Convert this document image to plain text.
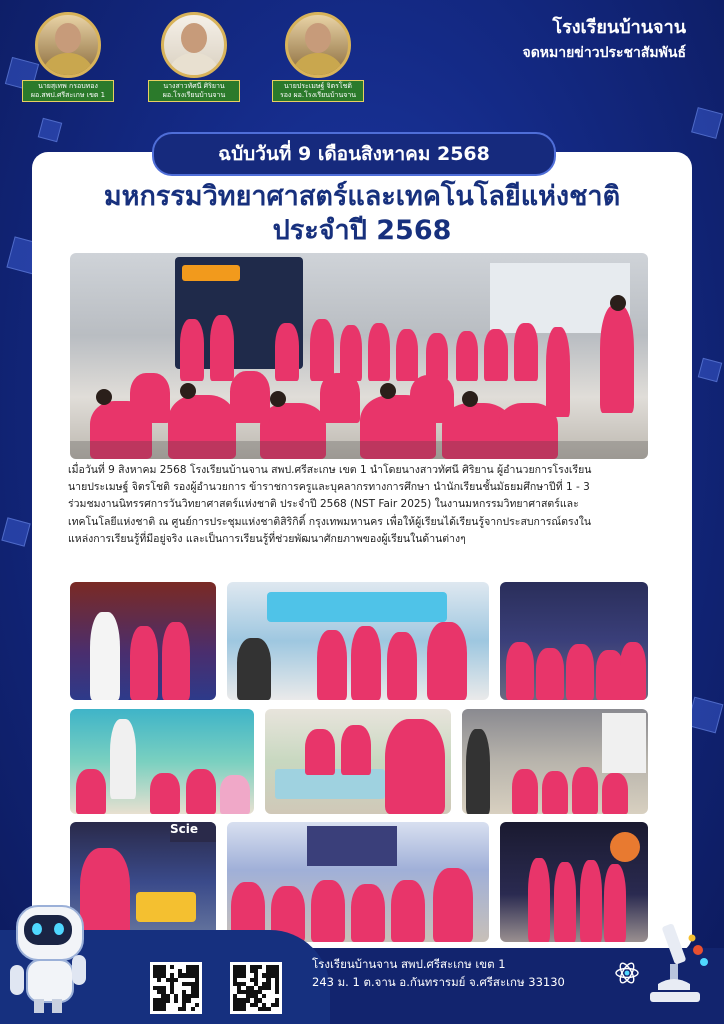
โรงเรียนบ้านจาน
จดหมายข่าวประชาสัมพันธ์
นายสุเทพ กรอบทอง
ผอ.สพป.ศรีสะเกษ เขต 1
นางสาวทัศนี ศิริยาน
ผอ.โรงเรียนบ้านจาน
นายประเมษฐ์ จิตรโชติ
รอง ผอ.โรงเรียนบ้านจาน
ฉบับวันที่ 9 เดือนสิงหาคม 2568
มหกรรมวิทยาศาสตร์และเทคโนโลยีแห่งชาติ
ประจำปี 2568
เมื่อวันที่ 9 สิงหาคม 2568 โรงเรียนบ้านจาน สพป.ศรีสะเกษ เขต 1 นำโดยนางสาวทัศนี ศิริยาน ผู้อำนวยการโรงเรียน
นายประเมษฐ์ จิตรโชติ รองผู้อำนวยการ ข้าราชการครูและบุคลากรทางการศึกษา นำนักเรียนชั้นมัธยมศึกษาปีที่ 1 - 3
ร่วมชมงานนิทรรศการวันวิทยาศาสตร์แห่งชาติ ประจำปี 2568 (NST Fair 2025) ในงานมหกรรมวิทยาศาสตร์และ
เทคโนโลยีแห่งชาติ ณ ศูนย์การประชุมแห่งชาติสิริกิติ์ กรุงเทพมหานคร เพื่อให้ผู้เรียนได้เรียนรู้จากประสบการณ์ตรงใน
แหล่งการเรียนรู้ที่มีอยู่จริง และเป็นการเรียนรู้ที่ช่วยพัฒนาศักยภาพของผู้เรียนในด้านต่างๆ
Scie
โรงเรียนบ้านจาน สพป.ศรีสะเกษ เขต 1
243 ม. 1 ต.จาน อ.กันทรารมย์ จ.ศรีสะเกษ 33130
